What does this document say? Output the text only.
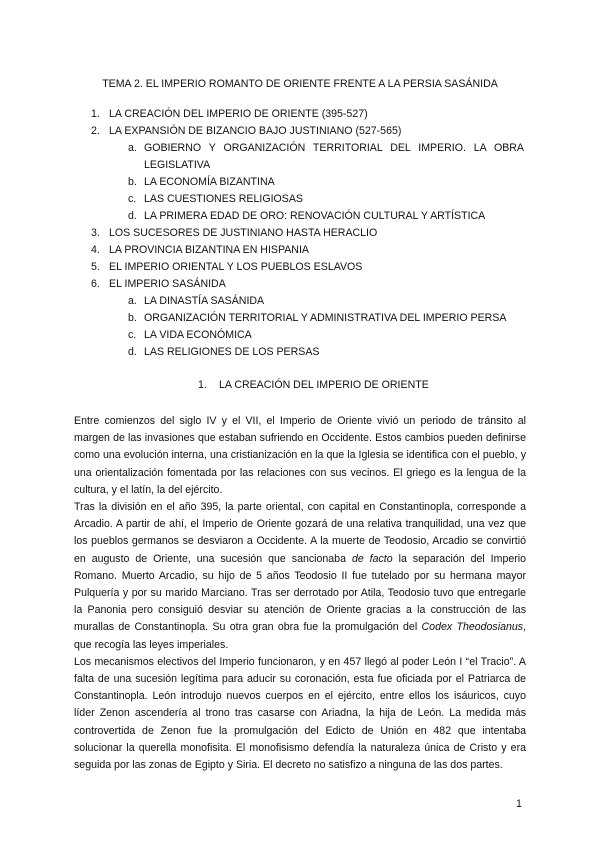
TEMA 2. EL IMPERIO ROMANTO DE ORIENTE FRENTE A LA PERSIA SASÁNIDA
1. LA CREACIÓN DEL IMPERIO DE ORIENTE (395-527)
2. LA EXPANSIÓN DE BIZANCIO BAJO JUSTINIANO (527-565)
a. GOBIERNO Y ORGANIZACIÓN TERRITORIAL DEL IMPERIO. LA OBRA
LEGISLATIVA
b. LA ECONOMÍA BIZANTINA
c. LAS CUESTIONES RELIGIOSAS
d. LA PRIMERA EDAD DE ORO: RENOVACIÓN CULTURAL Y ARTÍSTICA
3. LOS SUCESORES DE JUSTINIANO HASTA HERACLIO
4. LA PROVINCIA BIZANTINA EN HISPANIA
5. EL IMPERIO ORIENTAL Y LOS PUEBLOS ESLAVOS
6. EL IMPERIO SASÁNIDA
a. LA DINASTÍA SASÁNIDA
b. ORGANIZACIÓN TERRITORIAL Y ADMINISTRATIVA DEL IMPERIO PERSA
c. LA VIDA ECONÓMICA
d. LAS RELIGIONES DE LOS PERSAS
1. LA CREACIÓN DEL IMPERIO DE ORIENTE

Entre comienzos del siglo IV y el VII, el Imperio de Oriente vivió un periodo de tránsito al margen de las invasiones que estaban sufriendo en Occidente. Estos cambios pueden definirse como una evolución interna, una cristianización en la que la Iglesia se identifica con el pueblo, y una orientalización fomentada por las relaciones con sus vecinos. El griego es la lengua de la cultura, y el latín, la del ejército.

Tras la división en el año 395, la parte oriental, con capital en Constantinopla, corresponde a Arcadio. A partir de ahí, el Imperio de Oriente gozará de una relativa tranquilidad, una vez que los pueblos germanos se desviaron a Occidente. A la muerte de Teodosio, Arcadio se convirtió en augusto de Oriente, una sucesión que sancionaba de facto la separación del Imperio Romano. Muerto Arcadio, su hijo de 5 años Teodosio II fue tutelado por su hermana mayor Pulquería y por su marido Marciano. Tras ser derrotado por Atila, Teodosio tuvo que entregarle la Panonia pero consiguió desviar su atención de Oriente gracias a la construcción de las murallas de Constantinopla. Su otra gran obra fue la promulgación del Codex Theodosianus, que recogía las leyes imperiales.

Los mecanismos electivos del Imperio funcionaron, y en 457 llegó al poder León I “el Tracio”. A falta de una sucesión legítima para aducir su coronación, esta fue oficiada por el Patriarca de Constantinopla. León introdujo nuevos cuerpos en el ejército, entre ellos los isáuricos, cuyo líder Zenon ascendería al trono tras casarse con Ariadna, la hija de León. La medida más controvertida de Zenon fue la promulgación del Edicto de Unión en 482 que intentaba solucionar la querella monofisita. El monofisismo defendía la naturaleza única de Cristo y era seguida por las zonas de Egipto y Siria. El decreto no satisfizo a ninguna de las dos partes.

1
